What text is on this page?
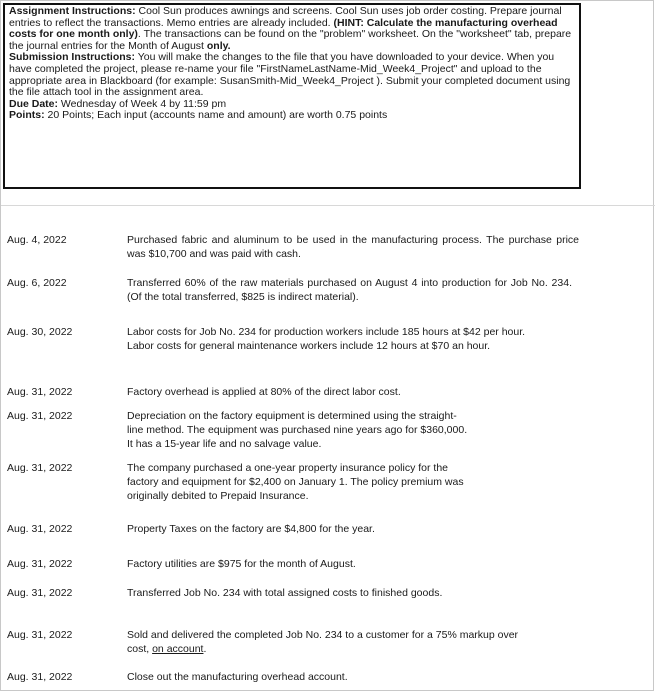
Assignment Instructions: Cool Sun produces awnings and screens. Cool Sun uses job order costing. Prepare journal entries to reflect the transactions. Memo entries are already included. (HINT: Calculate the manufacturing overhead costs for one month only). The transactions can be found on the "problem" worksheet. On the "worksheet" tab, prepare the journal entries for the Month of August only.

Submission Instructions: You will make the changes to the file that you have downloaded to your device. When you have completed the project, please re-name your file "FirstNameLastName-Mid_Week4_Project" and upload to the appropriate area in Blackboard (for example: SusanSmith-Mid_Week4_Project ). Submit your completed document using the file attach tool in the assignment area.

Due Date: Wednesday of Week 4 by 11:59 pm

Points: 20 Points; Each input (accounts name and amount) are worth 0.75 points

Aug. 4, 2022	Purchased fabric and aluminum to be used in the manufacturing process. The purchase price was $10,700 and was paid with cash.
Aug. 6, 2022	Transferred 60% of the raw materials purchased on August 4 into production for Job No. 234. (Of the total transferred, $825 is indirect material).
Aug. 30, 2022	Labor costs for Job No. 234 for production workers include 185 hours at $42 per hour.
Labor costs for general maintenance workers include 12 hours at $70 an hour.
Aug. 31, 2022	Factory overhead is applied at 80% of the direct labor cost.
Aug. 31, 2022	Depreciation on the factory equipment is determined using the straight-
line method. The equipment was purchased nine years ago for $360,000.
It has a 15-year life and no salvage value.
Aug. 31, 2022	The company purchased a one-year property insurance policy for the
factory and equipment for $2,400 on January 1. The policy premium was
originally debited to Prepaid Insurance.
Aug. 31, 2022	Property Taxes on the factory are $4,800 for the year.
Aug. 31, 2022	Factory utilities are $975 for the month of August.
Aug. 31, 2022	Transferred Job No. 234 with total assigned costs to finished goods.
Aug. 31, 2022	Sold and delivered the completed Job No. 234 to a customer for a 75% markup over
cost, on account.
Aug. 31, 2022	Close out the manufacturing overhead account.
